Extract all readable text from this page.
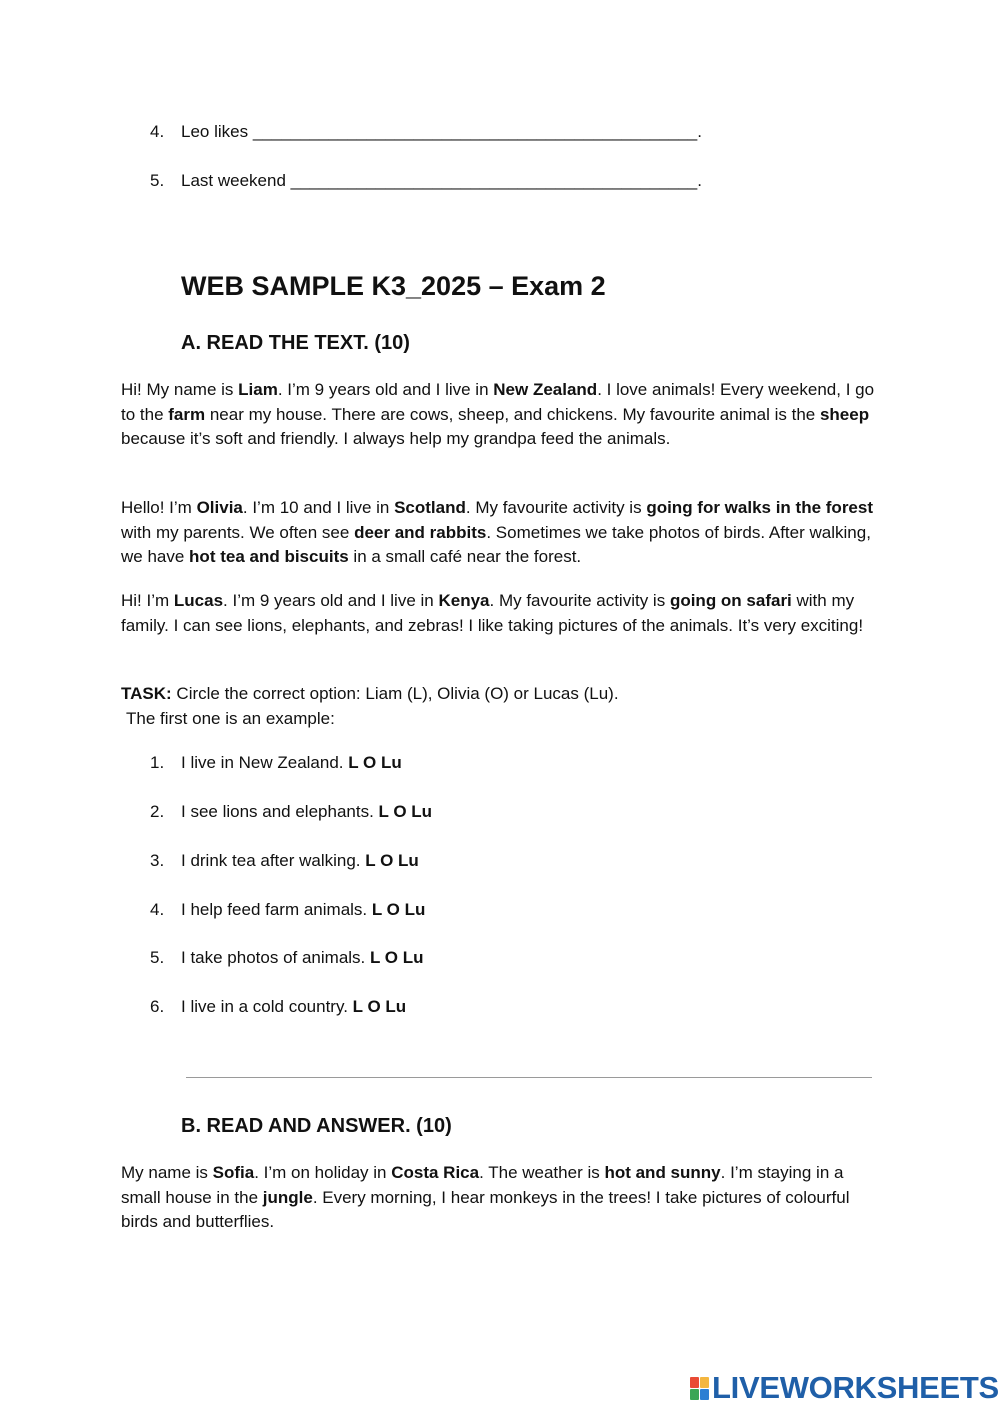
4. Leo likes _______________________________________________.
5. Last weekend ___________________________________________.
WEB SAMPLE K3_2025 – Exam 2
A. READ THE TEXT. (10)

Hi! My name is Liam. I’m 9 years old and I live in New Zealand. I love animals! Every weekend, I go to the farm near my house. There are cows, sheep, and chickens. My favourite animal is the sheep because it’s soft and friendly. I always help my grandpa feed the animals.

Hello! I’m Olivia. I’m 10 and I live in Scotland. My favourite activity is going for walks in the forest with my parents. We often see deer and rabbits. Sometimes we take photos of birds. After walking, we have hot tea and biscuits in a small café near the forest.

Hi! I’m Lucas. I’m 9 years old and I live in Kenya. My favourite activity is going on safari with my family. I can see lions, elephants, and zebras! I like taking pictures of the animals. It’s very exciting!

TASK: Circle the correct option: Liam (L), Olivia (O) or Lucas (Lu).
The first one is an example:
1. I live in New Zealand. L O Lu
2. I see lions and elephants. L O Lu
3. I drink tea after walking. L O Lu
4. I help feed farm animals. L O Lu
5. I take photos of animals. L O Lu
6. I live in a cold country. L O Lu
B. READ AND ANSWER. (10)

My name is Sofia. I’m on holiday in Costa Rica. The weather is hot and sunny. I’m staying in a small house in the jungle. Every morning, I hear monkeys in the trees! I take pictures of colourful birds and butterflies.

LIVEWORKSHEETS
